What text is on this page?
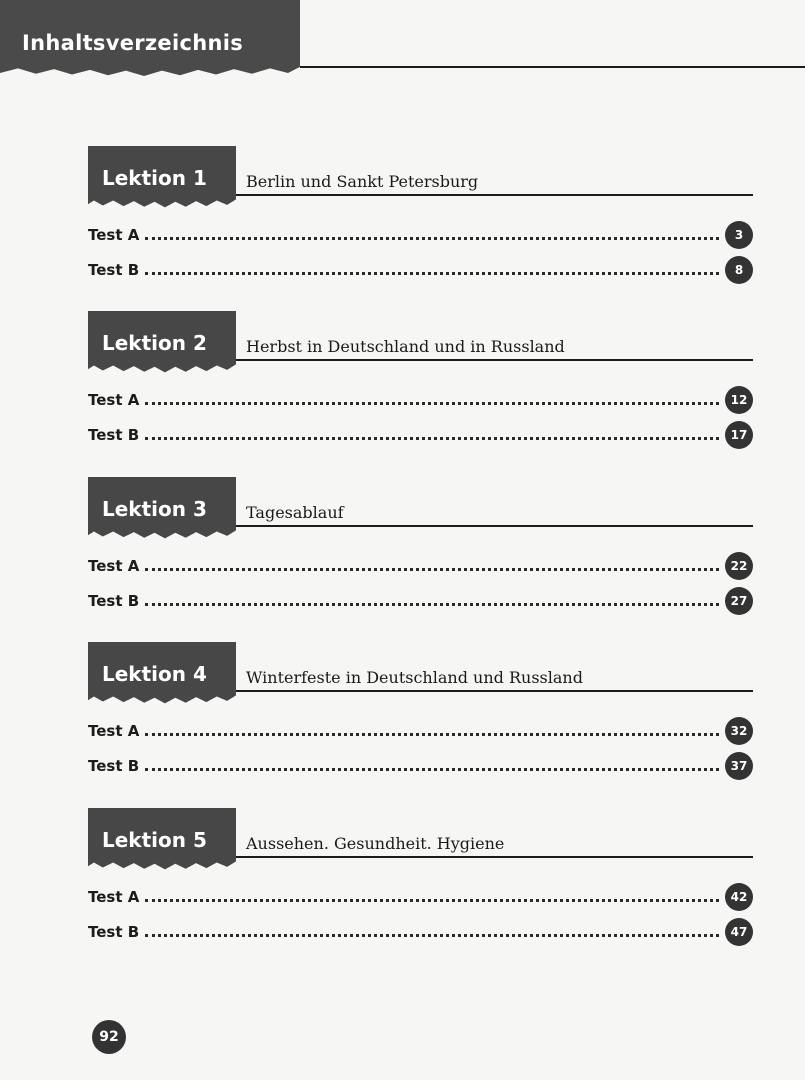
Inhaltsverzeichnis
Lektion 1 Berlin und Sankt Petersburg
Test A	3
Test B	8
Lektion 2 Herbst in Deutschland und in Russland
Test A	12
Test B	17
Lektion 3 Tagesablauf
Test A	22
Test B	27
Lektion 4 Winterfeste in Deutschland und Russland
Test A	32
Test B	37
Lektion 5 Aussehen. Gesundheit. Hygiene
Test A	42
Test B	47
92
